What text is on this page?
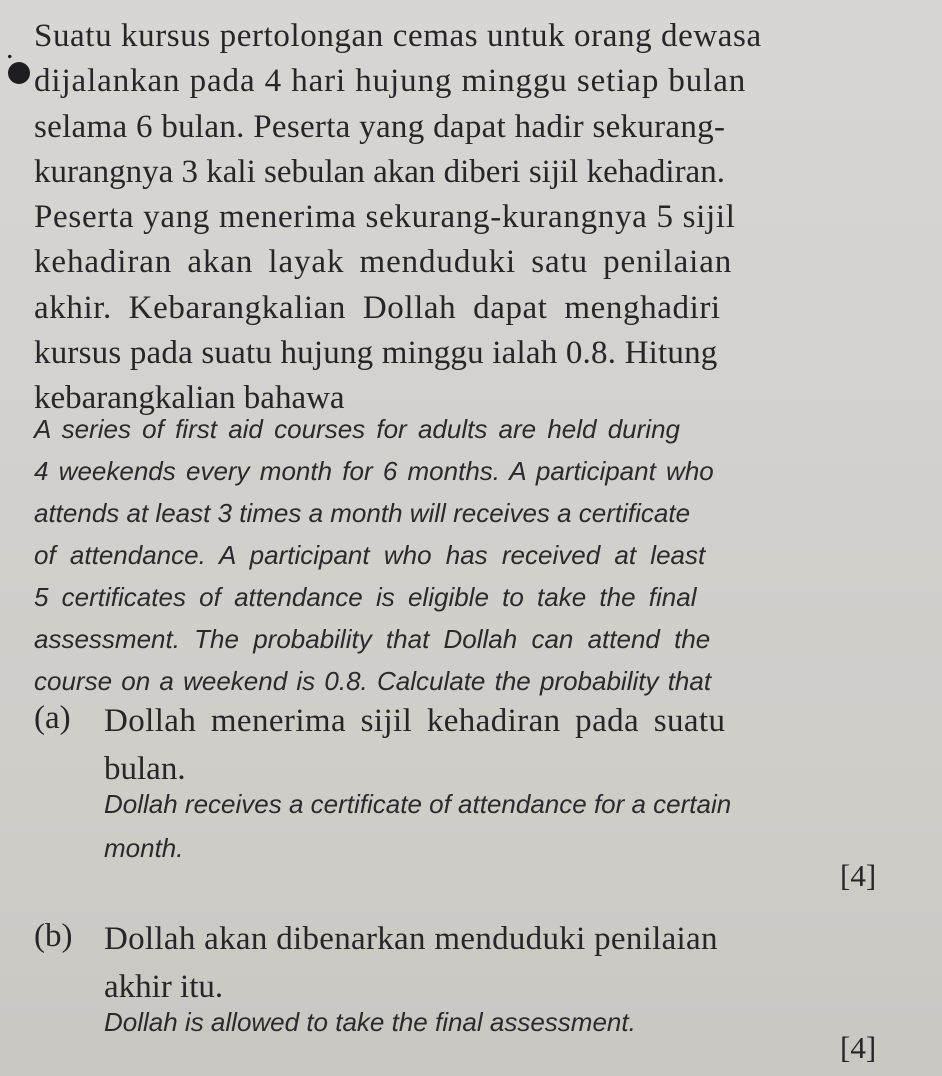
. Suatu kursus pertolongan cemas untuk orang dewasa
dijalankan pada 4 hari hujung minggu setiap bulan
selama 6 bulan. Peserta yang dapat hadir sekurang-
kurangnya 3 kali sebulan akan diberi sijil kehadiran.
Peserta yang menerima sekurang-kurangnya 5 sijil
kehadiran akan layak menduduki satu penilaian
akhir. Kebarangkalian Dollah dapat menghadiri
kursus pada suatu hujung minggu ialah 0.8. Hitung
kebarangkalian bahawa
A series of first aid courses for adults are held during
4 weekends every month for 6 months. A participant who
attends at least 3 times a month will receives a certificate
of attendance. A participant who has received at least
5 certificates of attendance is eligible to take the final
assessment. The probability that Dollah can attend the
course on a weekend is 0.8. Calculate the probability that
(a) Dollah menerima sijil kehadiran pada suatu
bulan.
Dollah receives a certificate of attendance for a certain
month.
[4]
(b) Dollah akan dibenarkan menduduki penilaian
akhir itu.
Dollah is allowed to take the final assessment.
[4]
